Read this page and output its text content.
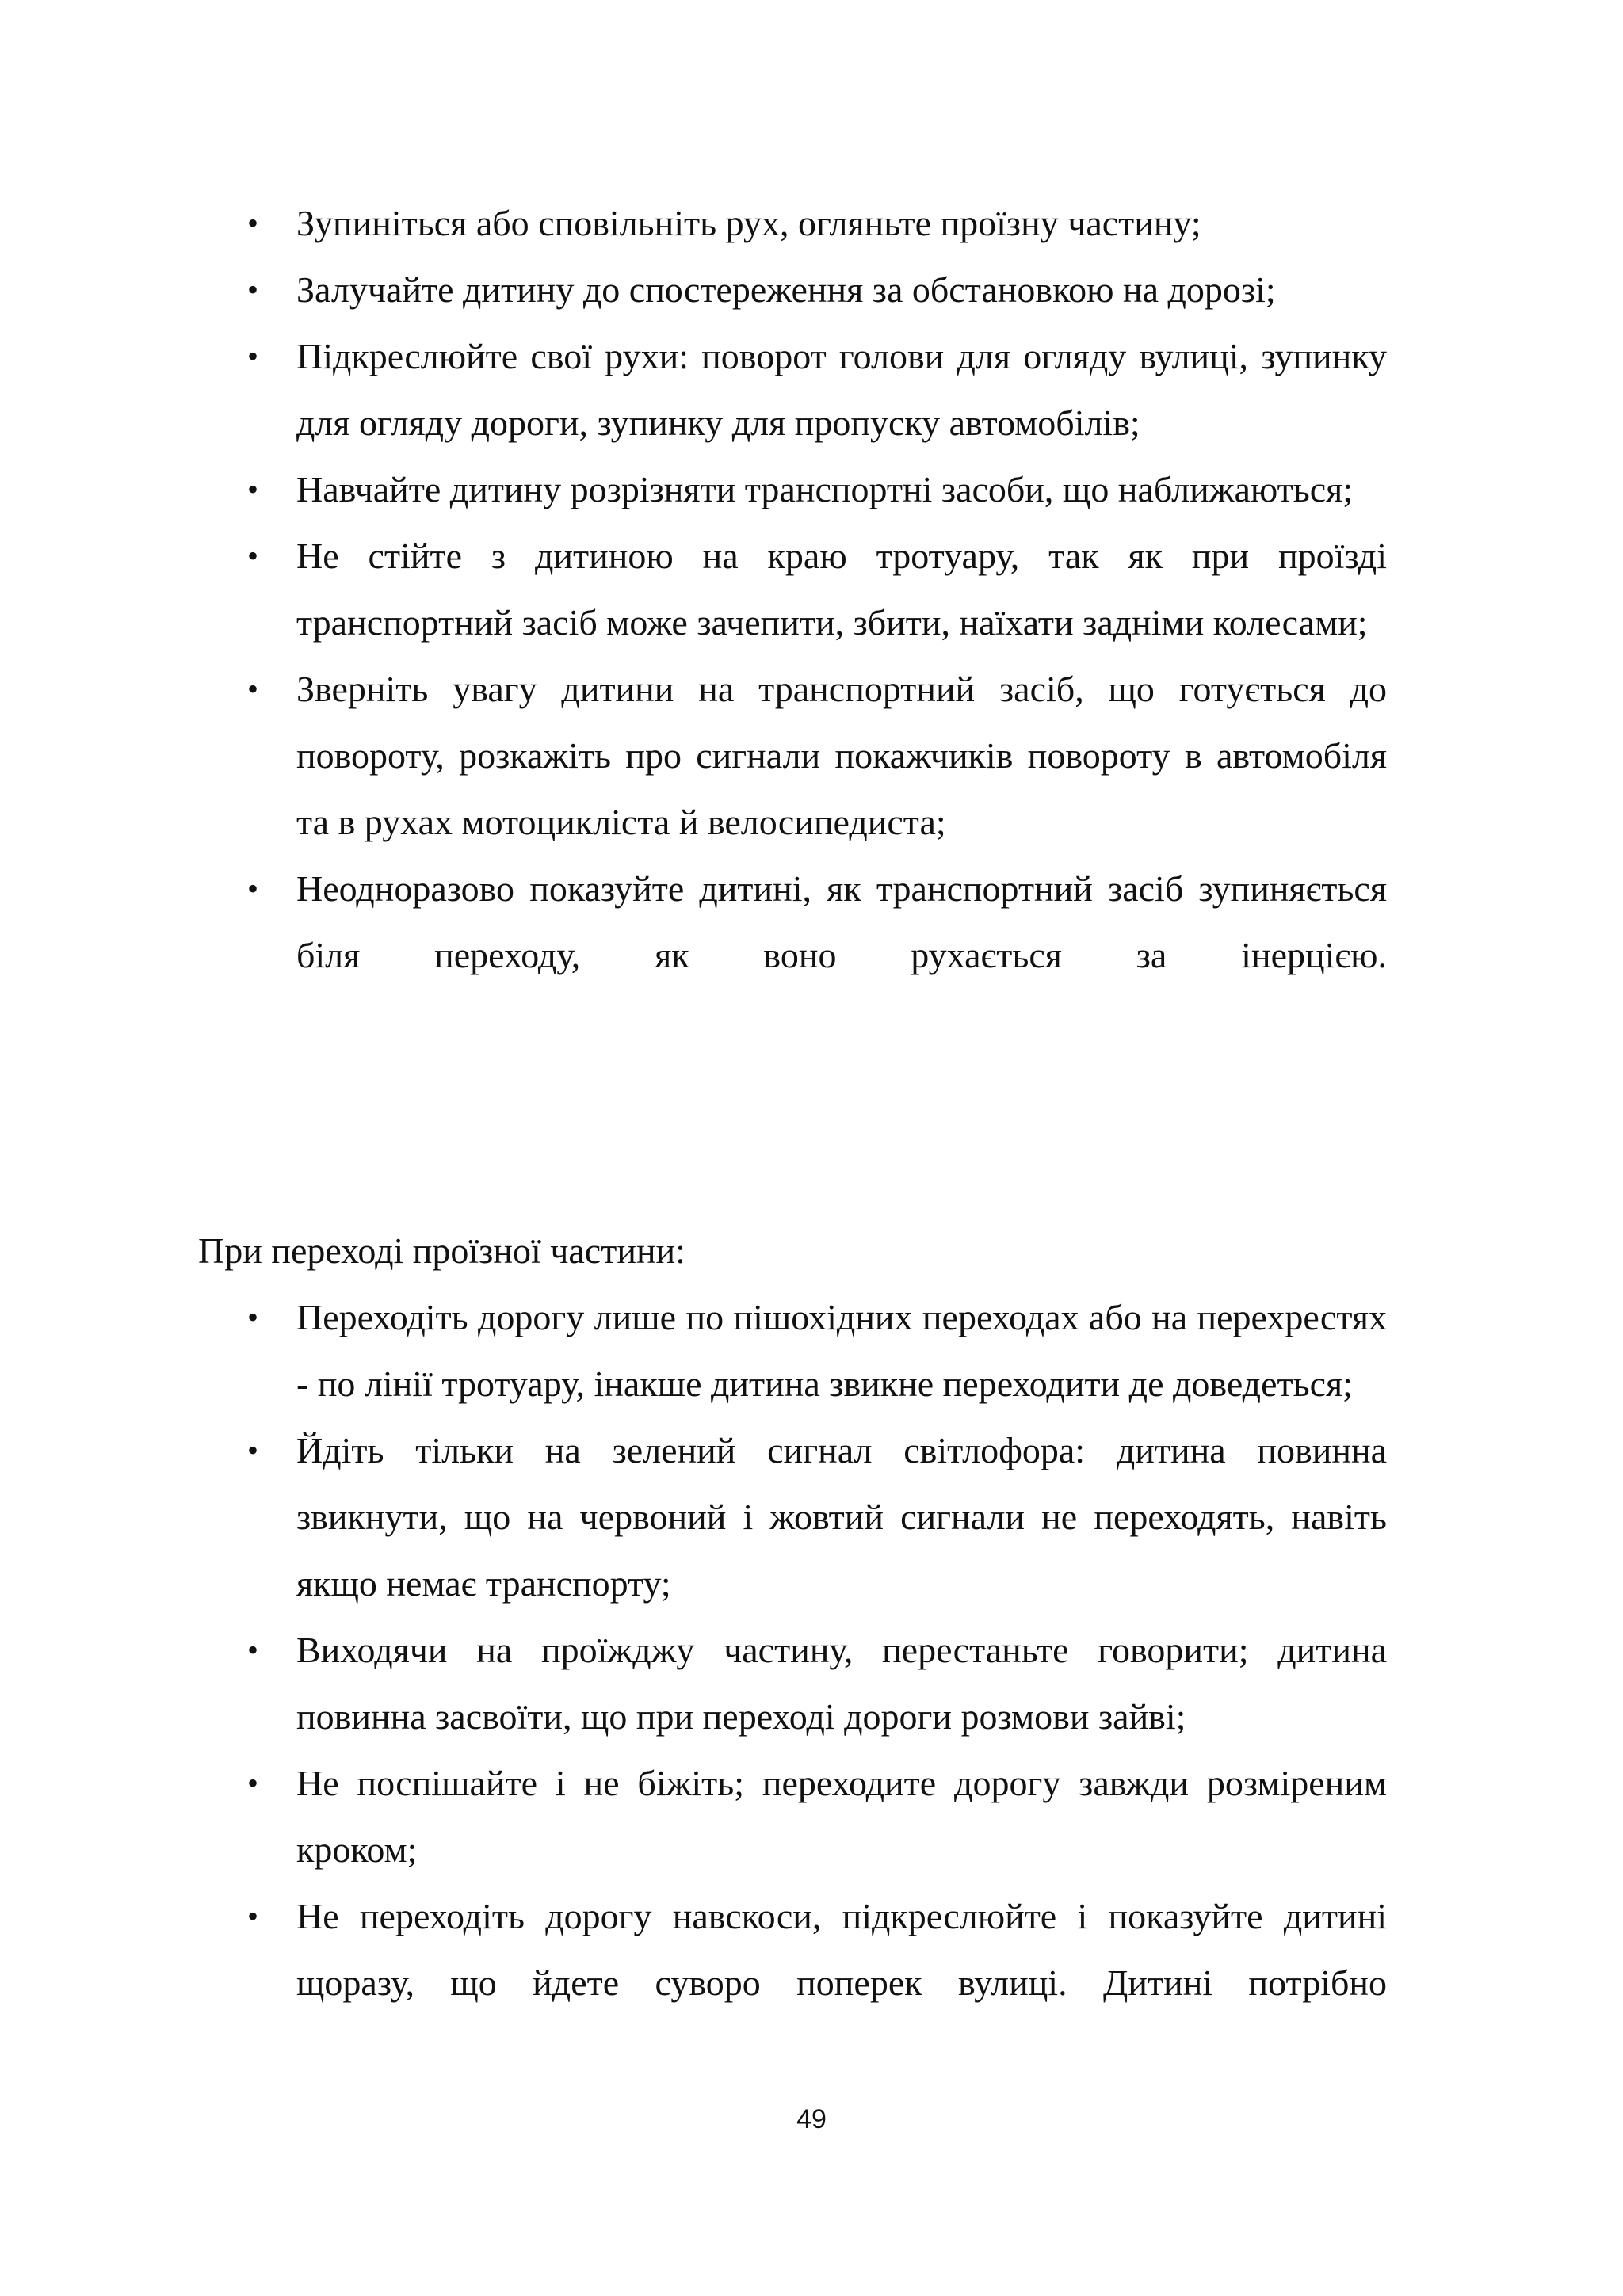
•	Зупиніться або сповільніть рух, огляньте проїзну частину;
•	Залучайте дитину до спостереження за обстановкою на дорозі;
•	Підкреслюйте свої рухи: поворот голови для огляду вулиці, зупинку для огляду дороги, зупинку для пропуску автомобілів;
•	Навчайте дитину розрізняти транспортні засоби, що наближаються;
•	Не стійте з дитиною на краю тротуару, так як при проїзді транспортний засіб може зачепити, збити, наїхати задніми колесами;
•	Зверніть увагу дитини на транспортний засіб, що готується до повороту, розкажіть про сигнали покажчиків повороту в автомобіля та в рухах мотоцикліста й велосипедиста;
•	Неодноразово показуйте дитині, як транспортний засіб зупиняється біля переходу, як воно рухається за інерцією.
При переході проїзної частини:
•	Переходіть дорогу лише по пішохідних переходах або на перехрестях - по лінії тротуару, інакше дитина звикне переходити де доведеться;
•	Йдіть тільки на зелений сигнал світлофора: дитина повинна звикнути, що на червоний і жовтий сигнали не переходять, навіть якщо немає транспорту;
•	Виходячи на проїжджу частину, перестаньте говорити; дитина повинна засвоїти, що при переході дороги розмови зайві;
•	Не поспішайте і не біжіть; переходите дорогу завжди розміреним кроком;
•	Не переходіть дорогу навскоси, підкреслюйте і показуйте дитині щоразу, що йдете суворо поперек вулиці. Дитині потрібно
49
